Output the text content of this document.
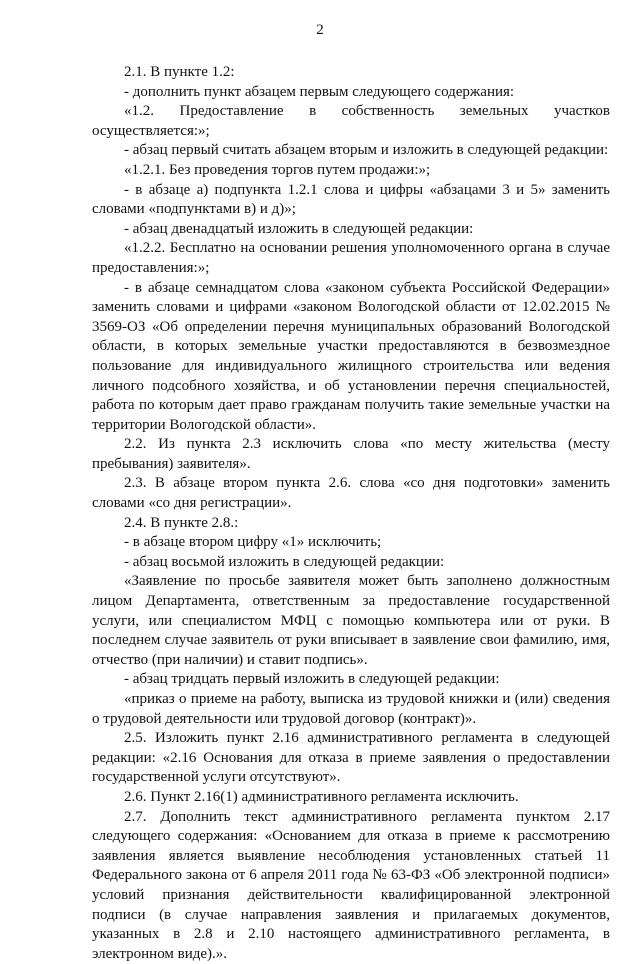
2

2.1. В пункте 1.2:

- дополнить пункт абзацем первым следующего содержания:

«1.2. Предоставление в собственность земельных участков осуществляется:»;

- абзац первый считать абзацем вторым и изложить в следующей редакции:

«1.2.1. Без проведения торгов путем продажи:»;

- в абзаце а) подпункта 1.2.1 слова и цифры «абзацами 3 и 5» заменить словами «подпунктами в) и д)»;

- абзац двенадцатый изложить в следующей редакции:

«1.2.2. Бесплатно на основании решения уполномоченного органа в случае предоставления:»;

- в абзаце семнадцатом слова «законом субъекта Российской Федерации» заменить словами и цифрами «законом Вологодской области от 12.02.2015 № 3569-ОЗ «Об определении перечня муниципальных образований Вологодской области, в которых земельные участки предоставляются в безвозмездное пользование для индивидуального жилищного строительства или ведения личного подсобного хозяйства, и об установлении перечня специальностей, работа по которым дает право гражданам получить такие земельные участки на территории Вологодской области».

2.2. Из пункта 2.3 исключить слова «по месту жительства (месту пребывания) заявителя».

2.3. В абзаце втором пункта 2.6. слова «со дня подготовки» заменить словами «со дня регистрации».

2.4. В пункте 2.8.:

- в абзаце втором цифру «1» исключить;

- абзац восьмой изложить в следующей редакции:

«Заявление по просьбе заявителя может быть заполнено должностным лицом Департамента, ответственным за предоставление государственной услуги, или специалистом МФЦ с помощью компьютера или от руки. В последнем случае заявитель от руки вписывает в заявление свои фамилию, имя, отчество (при наличии) и ставит подпись».

- абзац тридцать первый изложить в следующей редакции:

«приказ о приеме на работу, выписка из трудовой книжки и (или) сведения о трудовой деятельности или трудовой договор (контракт)».

2.5. Изложить пункт 2.16 административного регламента в следующей редакции: «2.16 Основания для отказа в приеме заявления о предоставлении государственной услуги отсутствуют».

2.6. Пункт 2.16(1) административного регламента исключить.

2.7. Дополнить текст административного регламента пунктом 2.17 следующего содержания: «Основанием для отказа в приеме к рассмотрению заявления является выявление несоблюдения установленных статьей 11 Федерального закона от 6 апреля 2011 года № 63-ФЗ «Об электронной подписи» условий признания действительности квалифицированной электронной подписи (в случае направления заявления и прилагаемых документов, указанных в 2.8 и 2.10 настоящего административного регламента, в электронном виде).».
